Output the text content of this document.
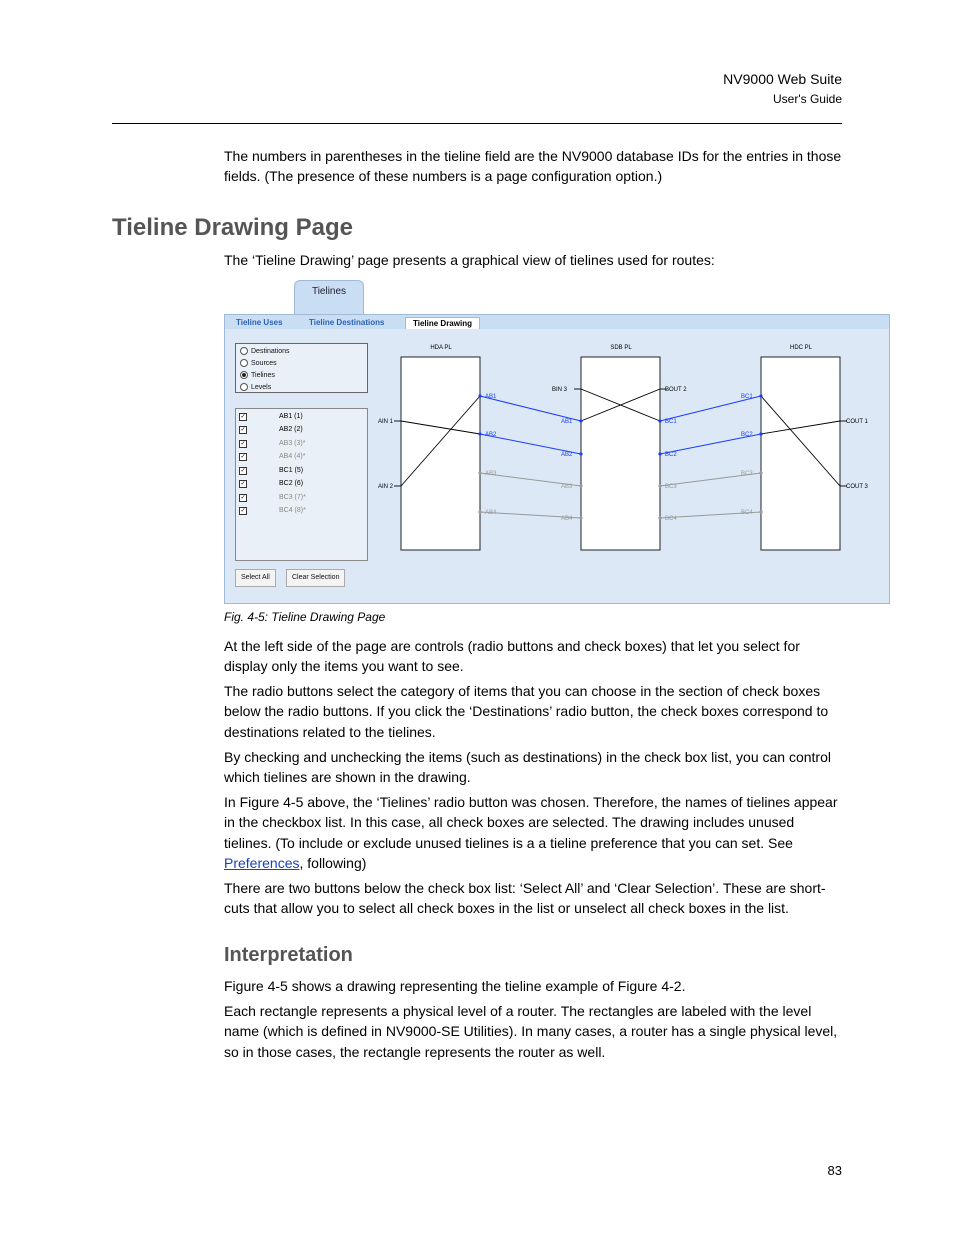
NV9000 Web Suite
User's Guide
The numbers in parentheses in the tieline field are the NV9000 database IDs for the entries in those fields. (The presence of these numbers is a page configuration option.)
Tieline Drawing Page
The ‘Tieline Drawing’ page presents a graphical view of tielines used for routes:
Tielines
Tieline Uses	Tieline Destinations	Tieline Drawing
Destinations
Sources
Tielines
Levels
✓	AB1 (1)
✓	AB2 (2)
✓	AB3 (3)*
✓	AB4 (4)*
✓	BC1 (5)
✓	BC2 (6)
✓	BC3 (7)*
✓	BC4 (8)*
Select All	Clear Selection
HDA PL	SDB PL	HDC PL
AIN 1
AIN 2
AB1
AB2
AB3
AB4
AB1
AB2
AB3
AB4
BIN 3	BOUT 2
BC1
BC2
BC3
BC4
BC1
BC2
BC3
BC4
COUT 1
COUT 3
Fig. 4-5: Tieline Drawing Page
At the left side of the page are controls (radio buttons and check boxes) that let you select for display only the items you want to see.
The radio buttons select the category of items that you can choose in the section of check boxes below the radio buttons. If you click the ‘Destinations’ radio button, the check boxes correspond to destinations related to the tielines.
By checking and unchecking the items (such as destinations) in the check box list, you can control which tielines are shown in the drawing.
In Figure 4-5 above, the ‘Tielines’ radio button was chosen. Therefore, the names of tielines appear in the checkbox list. In this case, all check boxes are selected. The drawing includes unused tielines. (To include or exclude unused tielines is a a tieline preference that you can set. See Preferences, following)
There are two buttons below the check box list: ‘Select All’ and ‘Clear Selection’. These are short-cuts that allow you to select all check boxes in the list or unselect all check boxes in the list.
Interpretation
Figure 4-5 shows a drawing representing the tieline example of Figure 4-2.
Each rectangle represents a physical level of a router. The rectangles are labeled with the level name (which is defined in NV9000-SE Utilities). In many cases, a router has a single physical level, so in those cases, the rectangle represents the router as well.
83
